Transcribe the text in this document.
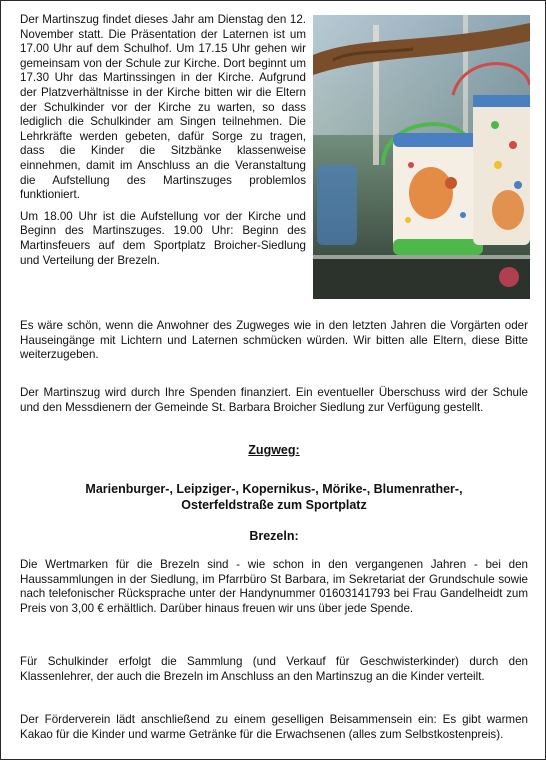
Der Martinszug findet dieses Jahr am Dienstag den 12. November statt. Die Präsentation der Laternen ist um 17.00 Uhr auf dem Schulhof. Um 17.15 Uhr gehen wir gemeinsam von der Schule zur Kirche. Dort beginnt um 17.30 Uhr das Martinssingen in der Kirche. Aufgrund der Platzverhältnisse in der Kirche bitten wir die Eltern der Schulkinder vor der Kirche zu warten, so dass lediglich die Schulkinder am Singen teilnehmen. Die Lehrkräfte werden gebeten, dafür Sorge zu tragen, dass die Kinder die Sitzbänke klassenweise einnehmen, damit im Anschluss an die Veranstaltung die Aufstellung des Martinszuges problemlos funktioniert.

Um 18.00 Uhr ist die Aufstellung vor der Kirche und Beginn des Martinszuges. 19.00 Uhr: Beginn des Martinsfeuers auf dem Sportplatz Broicher-Siedlung und Verteilung der Brezeln.

Es wäre schön, wenn die Anwohner des Zugweges wie in den letzten Jahren die Vorgärten oder Hauseingänge mit Lichtern und Laternen schmücken würden. Wir bitten alle Eltern, diese Bitte weiterzugeben.

Der Martinszug wird durch Ihre Spenden finanziert. Ein eventueller Überschuss wird der Schule und den Messdienern der Gemeinde St. Barbara Broicher Siedlung zur Verfügung gestellt.

Zugweg:
Marienburger-, Leipziger-, Kopernikus-, Mörike-, Blumenrather-,
Osterfeldstraße zum Sportplatz
Brezeln:

Die Wertmarken für die Brezeln sind - wie schon in den vergangenen Jahren - bei den Haussammlungen in der Siedlung, im Pfarrbüro St Barbara, im Sekretariat der Grundschule sowie nach telefonischer Rücksprache unter der Handynummer 01603141793 bei Frau Gandelheidt zum Preis von 3,00 € erhältlich. Darüber hinaus freuen wir uns über jede Spende.

Für Schulkinder erfolgt die Sammlung (und Verkauf für Geschwisterkinder) durch den Klassenlehrer, der auch die Brezeln im Anschluss an den Martinszug an die Kinder verteilt.

Der Förderverein lädt anschließend zu einem geselligen Beisammensein ein: Es gibt warmen Kakao für die Kinder und warme Getränke für die Erwachsenen (alles zum Selbstkostenpreis).
